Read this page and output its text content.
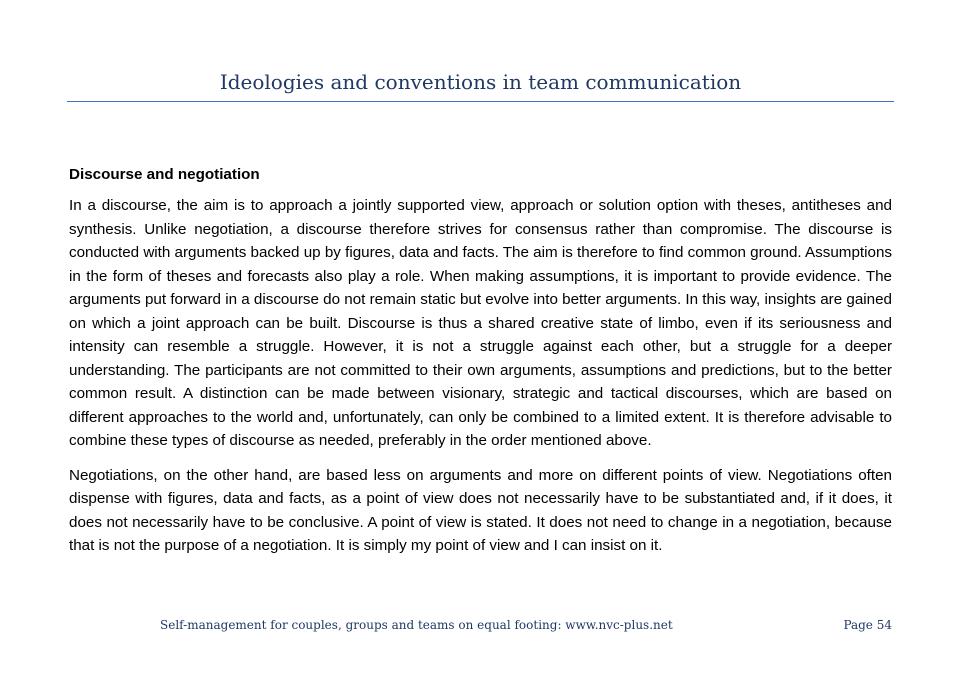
Ideologies and conventions in team communication
Discourse and negotiation

In a discourse, the aim is to approach a jointly supported view, approach or solution option with theses, antitheses and synthesis. Unlike negotiation, a discourse therefore strives for consensus rather than compromise. The discourse is conducted with arguments backed up by figures, data and facts. The aim is therefore to find common ground. Assumptions in the form of theses and forecasts also play a role. When making assumptions, it is important to provide evidence. The arguments put forward in a discourse do not remain static but evolve into better arguments. In this way, insights are gained on which a joint approach can be built. Discourse is thus a shared creative state of limbo, even if its seriousness and intensity can resemble a struggle. However, it is not a struggle against each other, but a struggle for a deeper understanding. The participants are not committed to their own arguments, assumptions and predictions, but to the better common result. A distinction can be made between visionary, strategic and tactical discourses, which are based on different approaches to the world and, unfortunately, can only be combined to a limited extent. It is therefore advisable to combine these types of discourse as needed, preferably in the order mentioned above.

Negotiations, on the other hand, are based less on arguments and more on different points of view. Negotiations often dispense with figures, data and facts, as a point of view does not necessarily have to be substantiated and, if it does, it does not necessarily have to be conclusive. A point of view is stated. It does not need to change in a negotiation, because that is not the purpose of a negotiation. It is simply my point of view and I can insist on it.

Self-management for couples, groups and teams on equal footing: www.nvc-plus.net	Page 54
